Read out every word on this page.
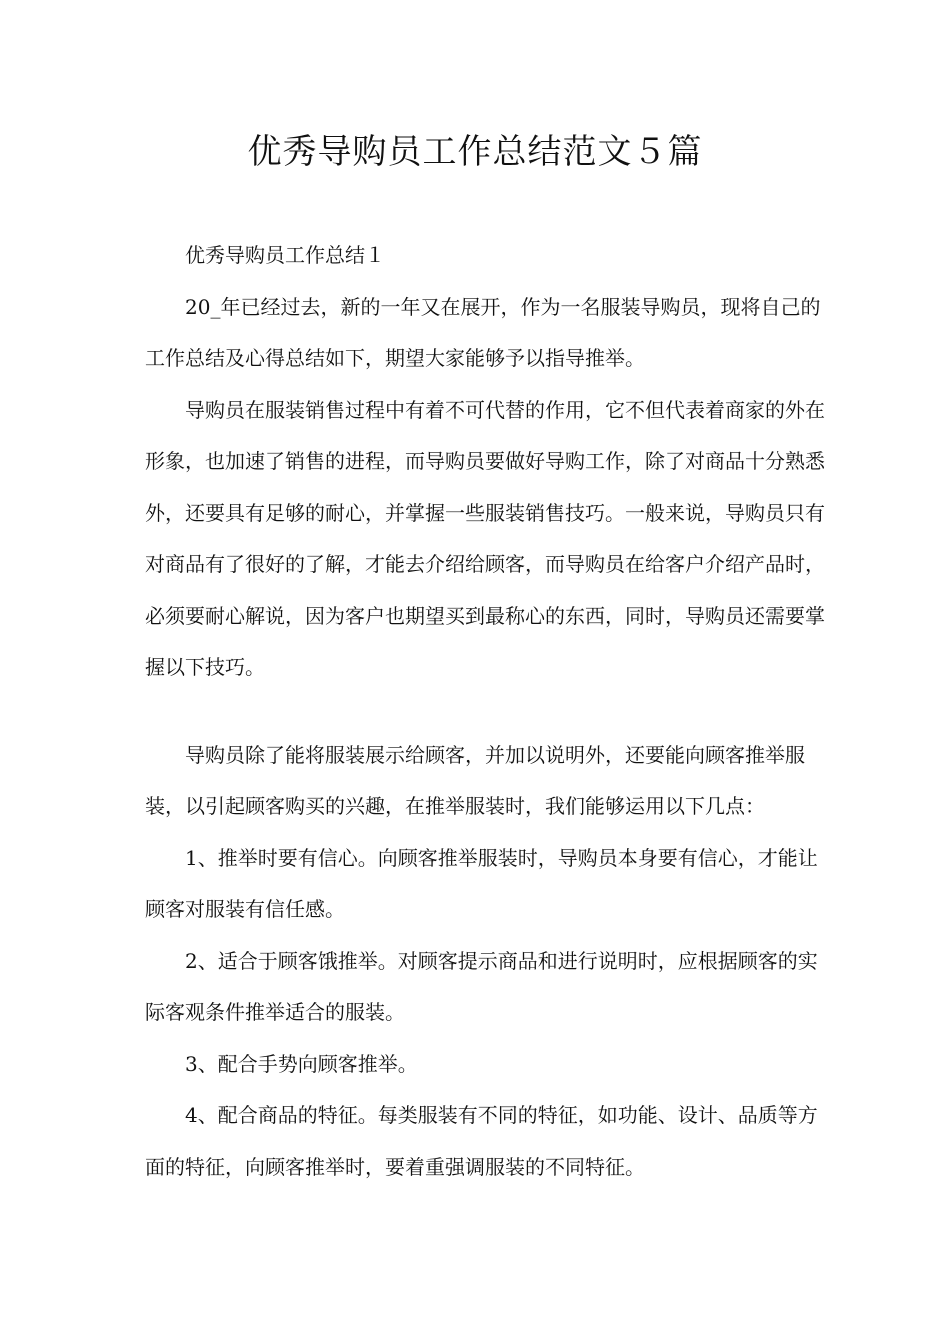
优秀导购员工作总结范文５篇

优秀导购员工作总结１

20_年已经过去，新的一年又在展开，作为一名服装导购员，现将自己的工作总结及心得总结如下，期望大家能够予以指导推举。

导购员在服装销售过程中有着不可代替的作用，它不但代表着商家的外在形象，也加速了销售的进程，而导购员要做好导购工作，除了对商品十分熟悉外，还要具有足够的耐心，并掌握一些服装销售技巧。一般来说，导购员只有对商品有了很好的了解，才能去介绍给顾客，而导购员在给客户介绍产品时，必须要耐心解说，因为客户也期望买到最称心的东西，同时，导购员还需要掌握以下技巧。

导购员除了能将服装展示给顾客，并加以说明外，还要能向顾客推举服装，以引起顾客购买的兴趣，在推举服装时，我们能够运用以下几点：

1、推举时要有信心。向顾客推举服装时，导购员本身要有信心，才能让顾客对服装有信任感。

2、适合于顾客饿推举。对顾客提示商品和进行说明时，应根据顾客的实际客观条件推举适合的服装。

3、配合手势向顾客推举。

4、配合商品的特征。每类服装有不同的特征，如功能、设计、品质等方面的特征，向顾客推举时，要着重强调服装的不同特征。
